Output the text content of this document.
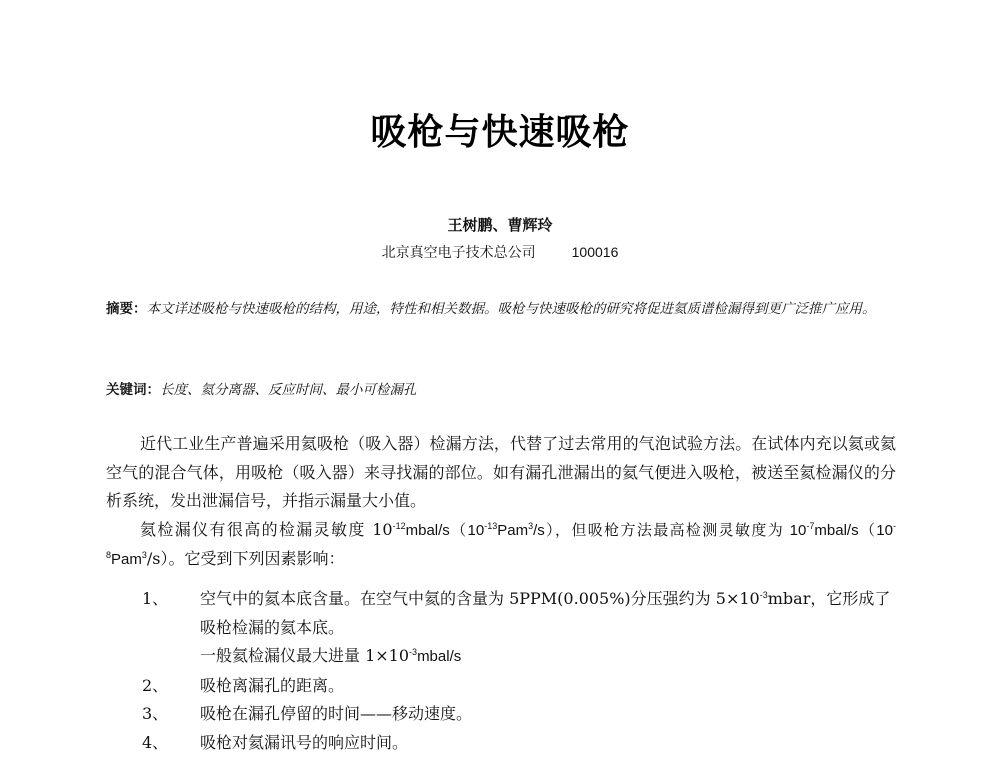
吸枪与快速吸枪
王树鹏、曹辉玲
北京真空电子技术总公司	100016
摘要：本文详述吸枪与快速吸枪的结构，用途，特性和相关数据。吸枪与快速吸枪的研究将促进氦质谱检漏得到更广泛推广应用。
关键词：长度、氦分离器、反应时间、最小可检漏孔

近代工业生产普遍采用氦吸枪（吸入器）检漏方法，代替了过去常用的气泡试验方法。在试体内充以氦或氦空气的混合气体，用吸枪（吸入器）来寻找漏的部位。如有漏孔泄漏出的氦气便进入吸枪，被送至氦检漏仪的分析系统，发出泄漏信号，并指示漏量大小值。

氦检漏仪有很高的检漏灵敏度 $10^{-12}mbal/s(10^{-13}Pam^3/s)$，但吸枪方法最高检测灵敏度为 $10^{-7}mbal/s(10^{-8}Pam^3/s)$。它受到下列因素影响：

1、	空气中的氦本底含量。在空气中氦的含量为 5PPM(0.005%)分压强约为 $5\times 10^{-3}mbar$，它形成了吸枪检漏的氦本底。
一般氦检漏仪最大进量 $1\times 10^{-3}mbal/s$
2、	吸枪离漏孔的距离。
3、	吸枪在漏孔停留的时间——移动速度。
4、	吸枪对氦漏讯号的响应时间。
